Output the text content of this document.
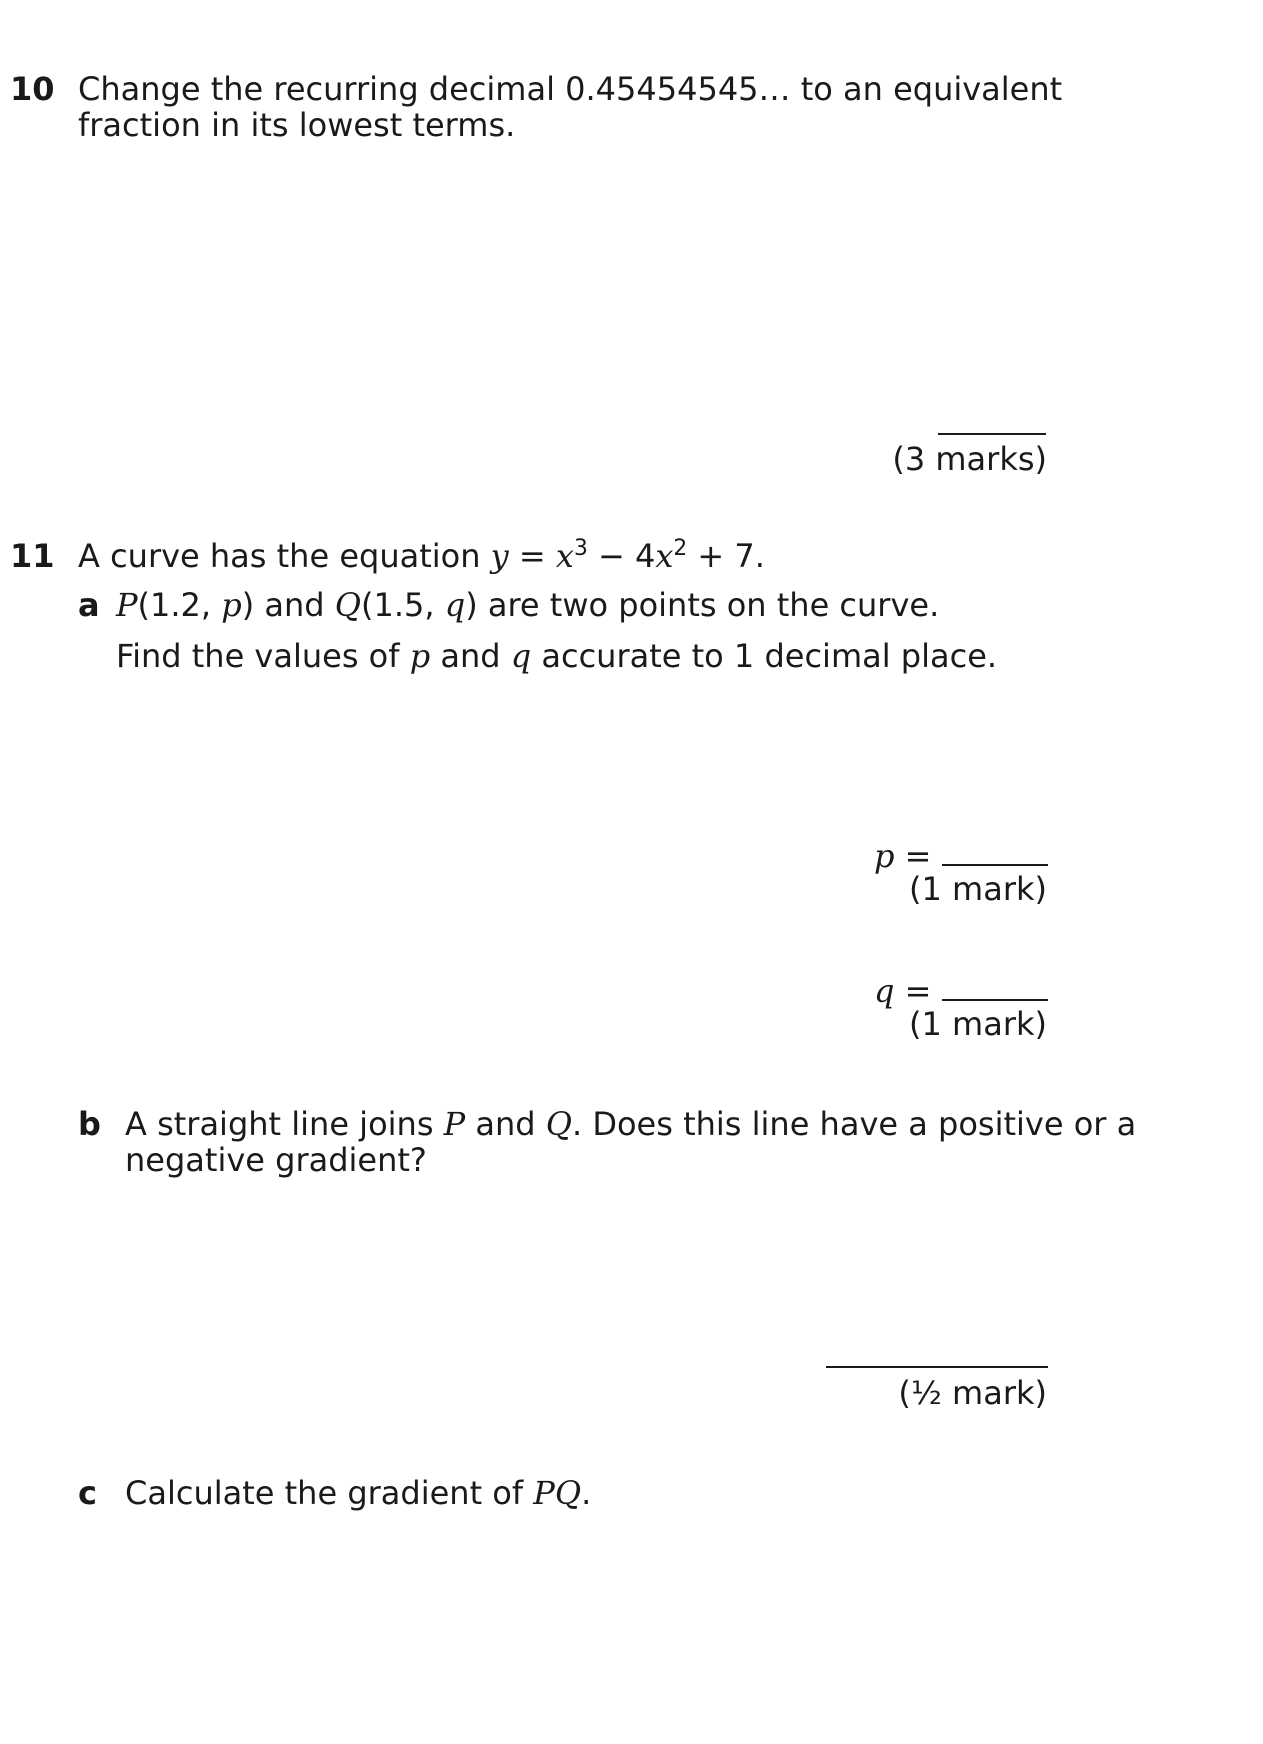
10 Change the recurring decimal 0.45454545… to an equivalent
fraction in its lowest terms.
(3 marks)
11 A curve has the equation $y = x^3 - 4x^2 + 7$.
a P(1.2, p) and Q(1.5, q) are two points on the curve.
Find the values of p and q accurate to 1 decimal place.
p =
(1 mark)
q =
(1 mark)
b A straight line joins P and Q. Does this line have a positive or a
negative gradient?
(½ mark)
c Calculate the gradient of PQ.
